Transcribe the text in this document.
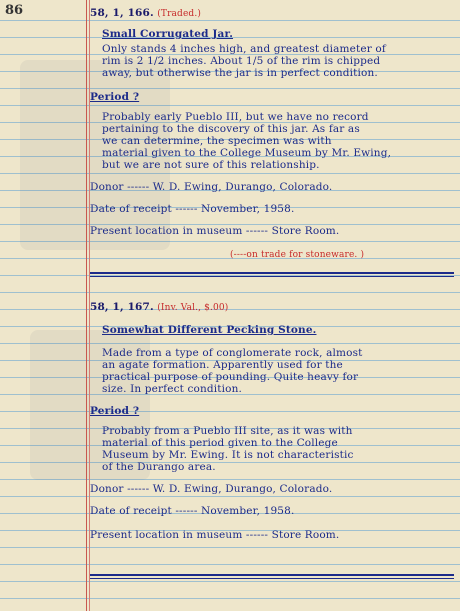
86	58, 1, 166. (Traded.)
Small Corrugated Jar.
Only stands 4 inches high, and greatest diameter of
rim is 2 1/2 inches. About 1/5 of the rim is chipped
away, but otherwise the jar is in perfect condition.
Period ?
Probably early Pueblo III, but we have no record
pertaining to the discovery of this jar. As far as
we can determine, the specimen was with
material given to the College Museum by Mr. Ewing,
but we are not sure of this relationship.
Donor ------ W. D. Ewing, Durango, Colorado.
Date of receipt ------ November, 1958.
Present location in museum ------ Store Room.
(----on trade for stoneware. )
58, 1, 167. (Inv. Val., $.00)
Somewhat Different Pecking Stone.
Made from a type of conglomerate rock, almost
an agate formation. Apparently used for the
practical purpose of pounding. Quite heavy for
size. In perfect condition.
Period ?
Probably from a Pueblo III site, as it was with
material of this period given to the College
Museum by Mr. Ewing. It is not characteristic
of the Durango area.
Donor ------ W. D. Ewing, Durango, Colorado.
Date of receipt ------ November, 1958.
Present location in museum ------ Store Room.
